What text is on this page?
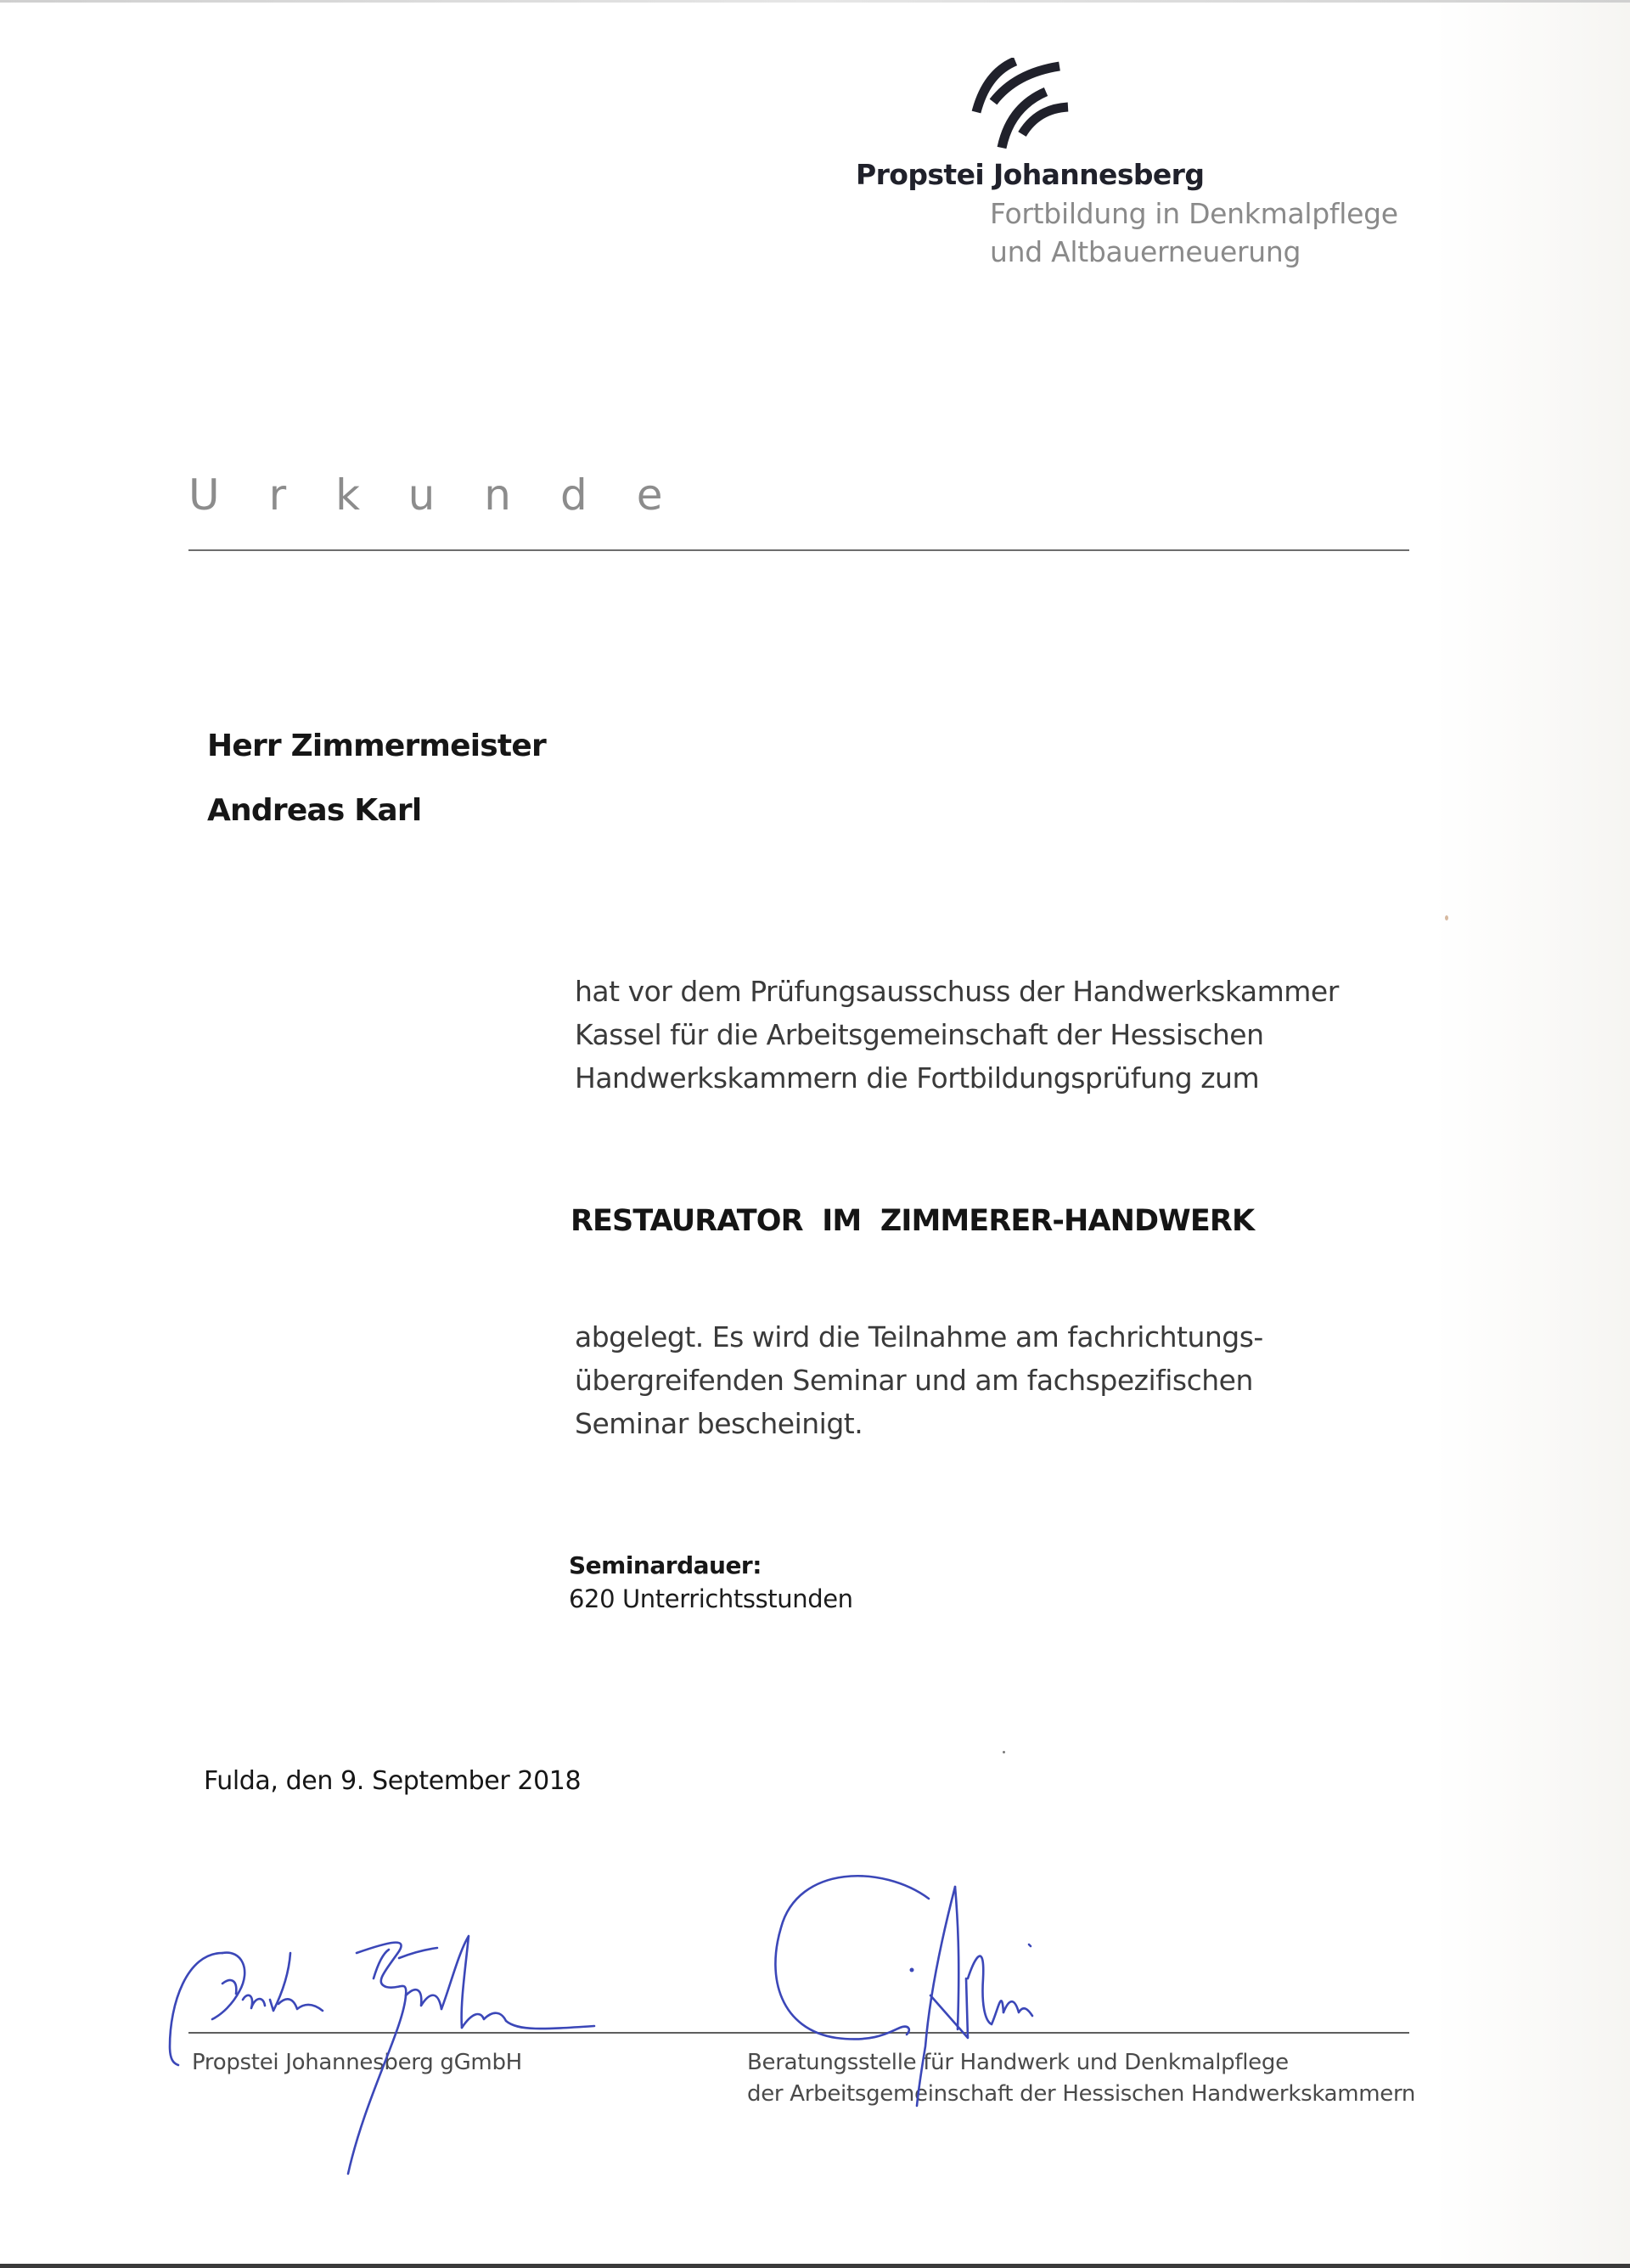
Propstei Johannesberg
Fortbildung in Denkmalpflege
und Altbauerneuerung
Urkunde
Herr Zimmermeister
Andreas Karl
hat vor dem Prüfungsausschuss der Handwerkskammer
Kassel für die Arbeitsgemeinschaft der Hessischen
Handwerkskammern die Fortbildungsprüfung zum
RESTAURATOR  IM  ZIMMERER-HANDWERK
abgelegt. Es wird die Teilnahme am fachrichtungs-
übergreifenden Seminar und am fachspezifischen
Seminar bescheinigt.
Seminardauer:
620 Unterrichtsstunden
Fulda, den 9. September 2018
Propstei Johannesberg gGmbH	Beratungsstelle für Handwerk und Denkmalpflege
der Arbeitsgemeinschaft der Hessischen Handwerkskammern
